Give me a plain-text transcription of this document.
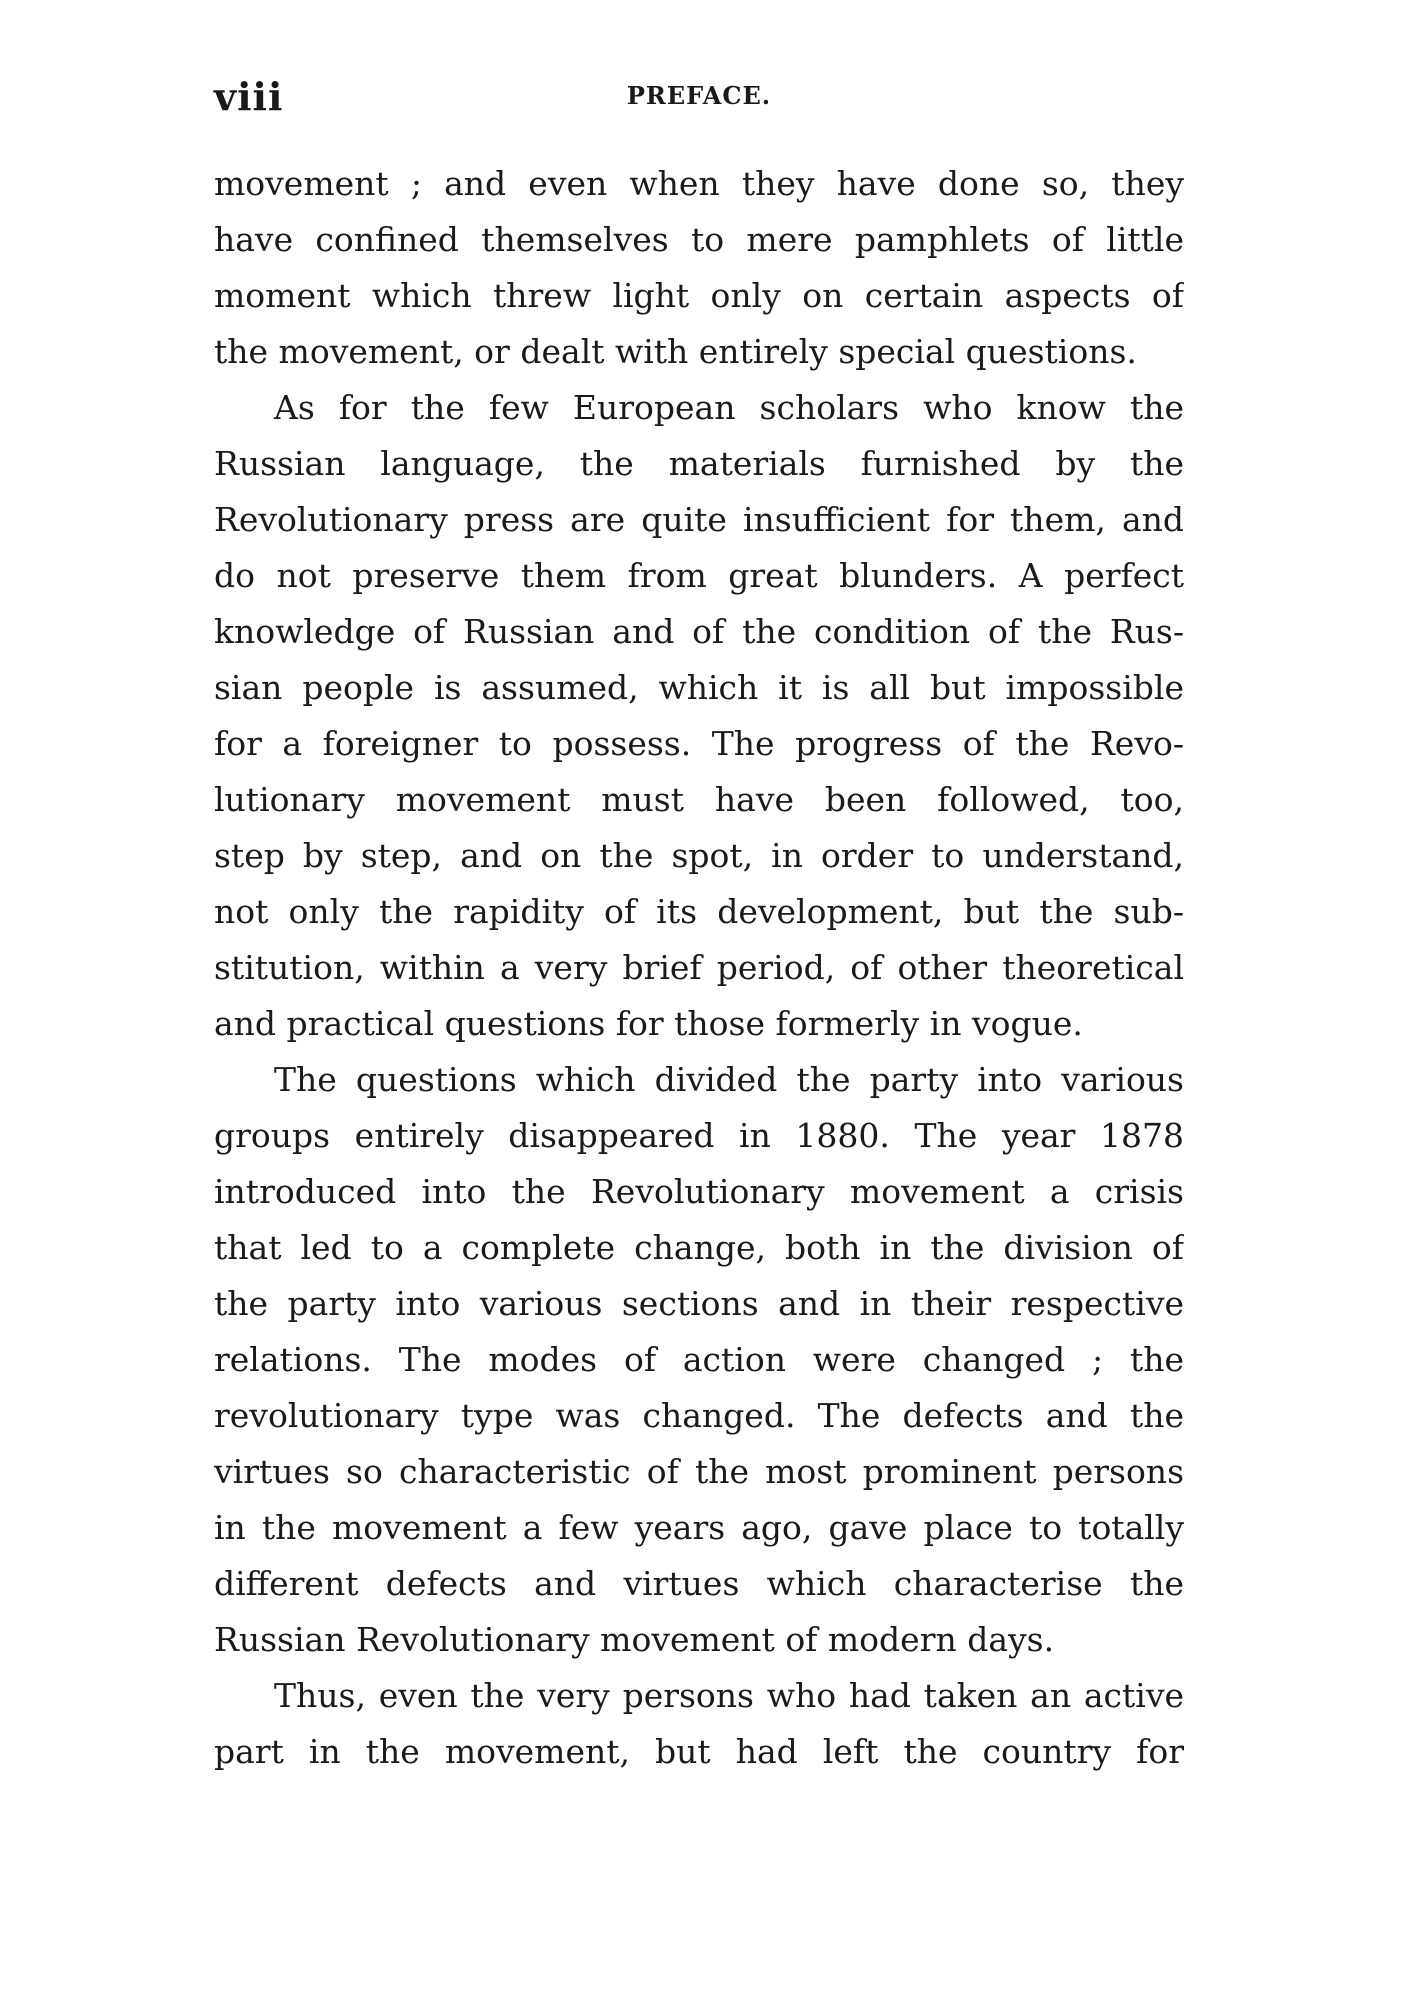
viii	PREFACE.
movement ; and even when they have done so, they
have confined themselves to mere pamphlets of little
moment which threw light only on certain aspects of
the movement, or dealt with entirely special questions.
As for the few European scholars who know the
Russian language, the materials furnished by the
Revolutionary press are quite insufficient for them, and
do not preserve them from great blunders. A perfect
knowledge of Russian and of the condition of the Rus-
sian people is assumed, which it is all but impossible
for a foreigner to possess. The progress of the Revo-
lutionary movement must have been followed, too,
step by step, and on the spot, in order to understand,
not only the rapidity of its development, but the sub-
stitution, within a very brief period, of other theoretical
and practical questions for those formerly in vogue.
The questions which divided the party into various
groups entirely disappeared in 1880. The year 1878
introduced into the Revolutionary movement a crisis
that led to a complete change, both in the division of
the party into various sections and in their respective
relations. The modes of action were changed ; the
revolutionary type was changed. The defects and the
virtues so characteristic of the most prominent persons
in the movement a few years ago, gave place to totally
different defects and virtues which characterise the
Russian Revolutionary movement of modern days.
Thus, even the very persons who had taken an active
part in the movement, but had left the country for
